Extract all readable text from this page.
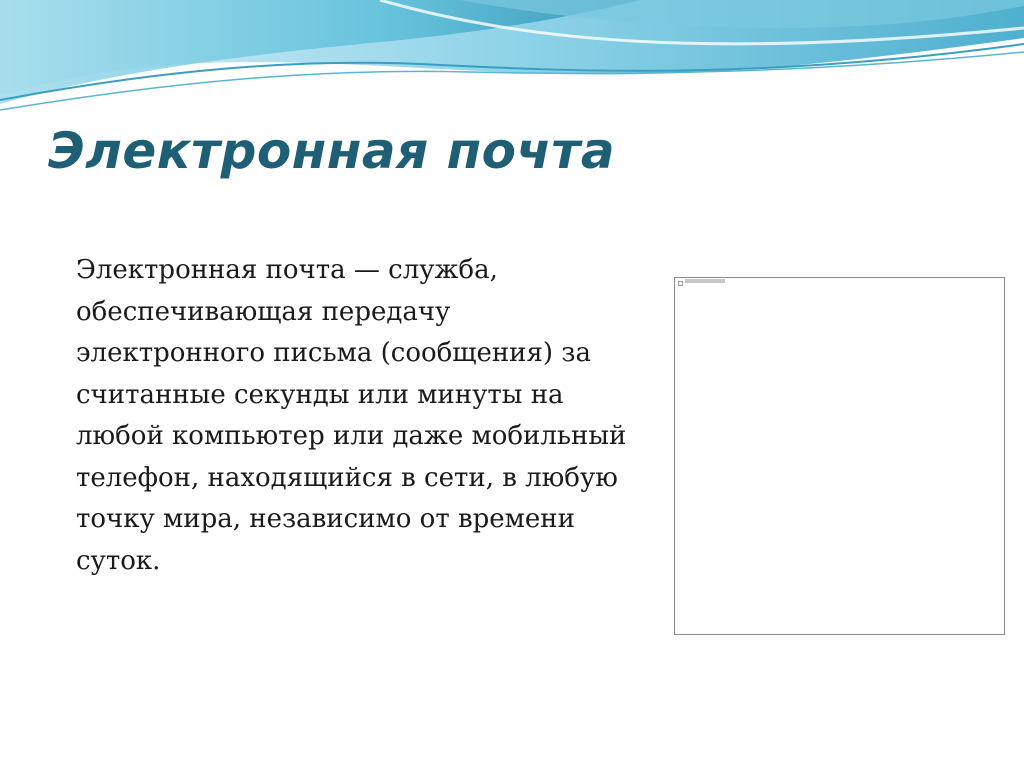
Электронная почта

Электронная почта — служба, обеспечивающая передачу электронного письма (сообщения) за считанные секунды или минуты на любой компьютер или даже мобильный телефон, находящийся в сети, в любую точку мира, независимо от времени суток.
